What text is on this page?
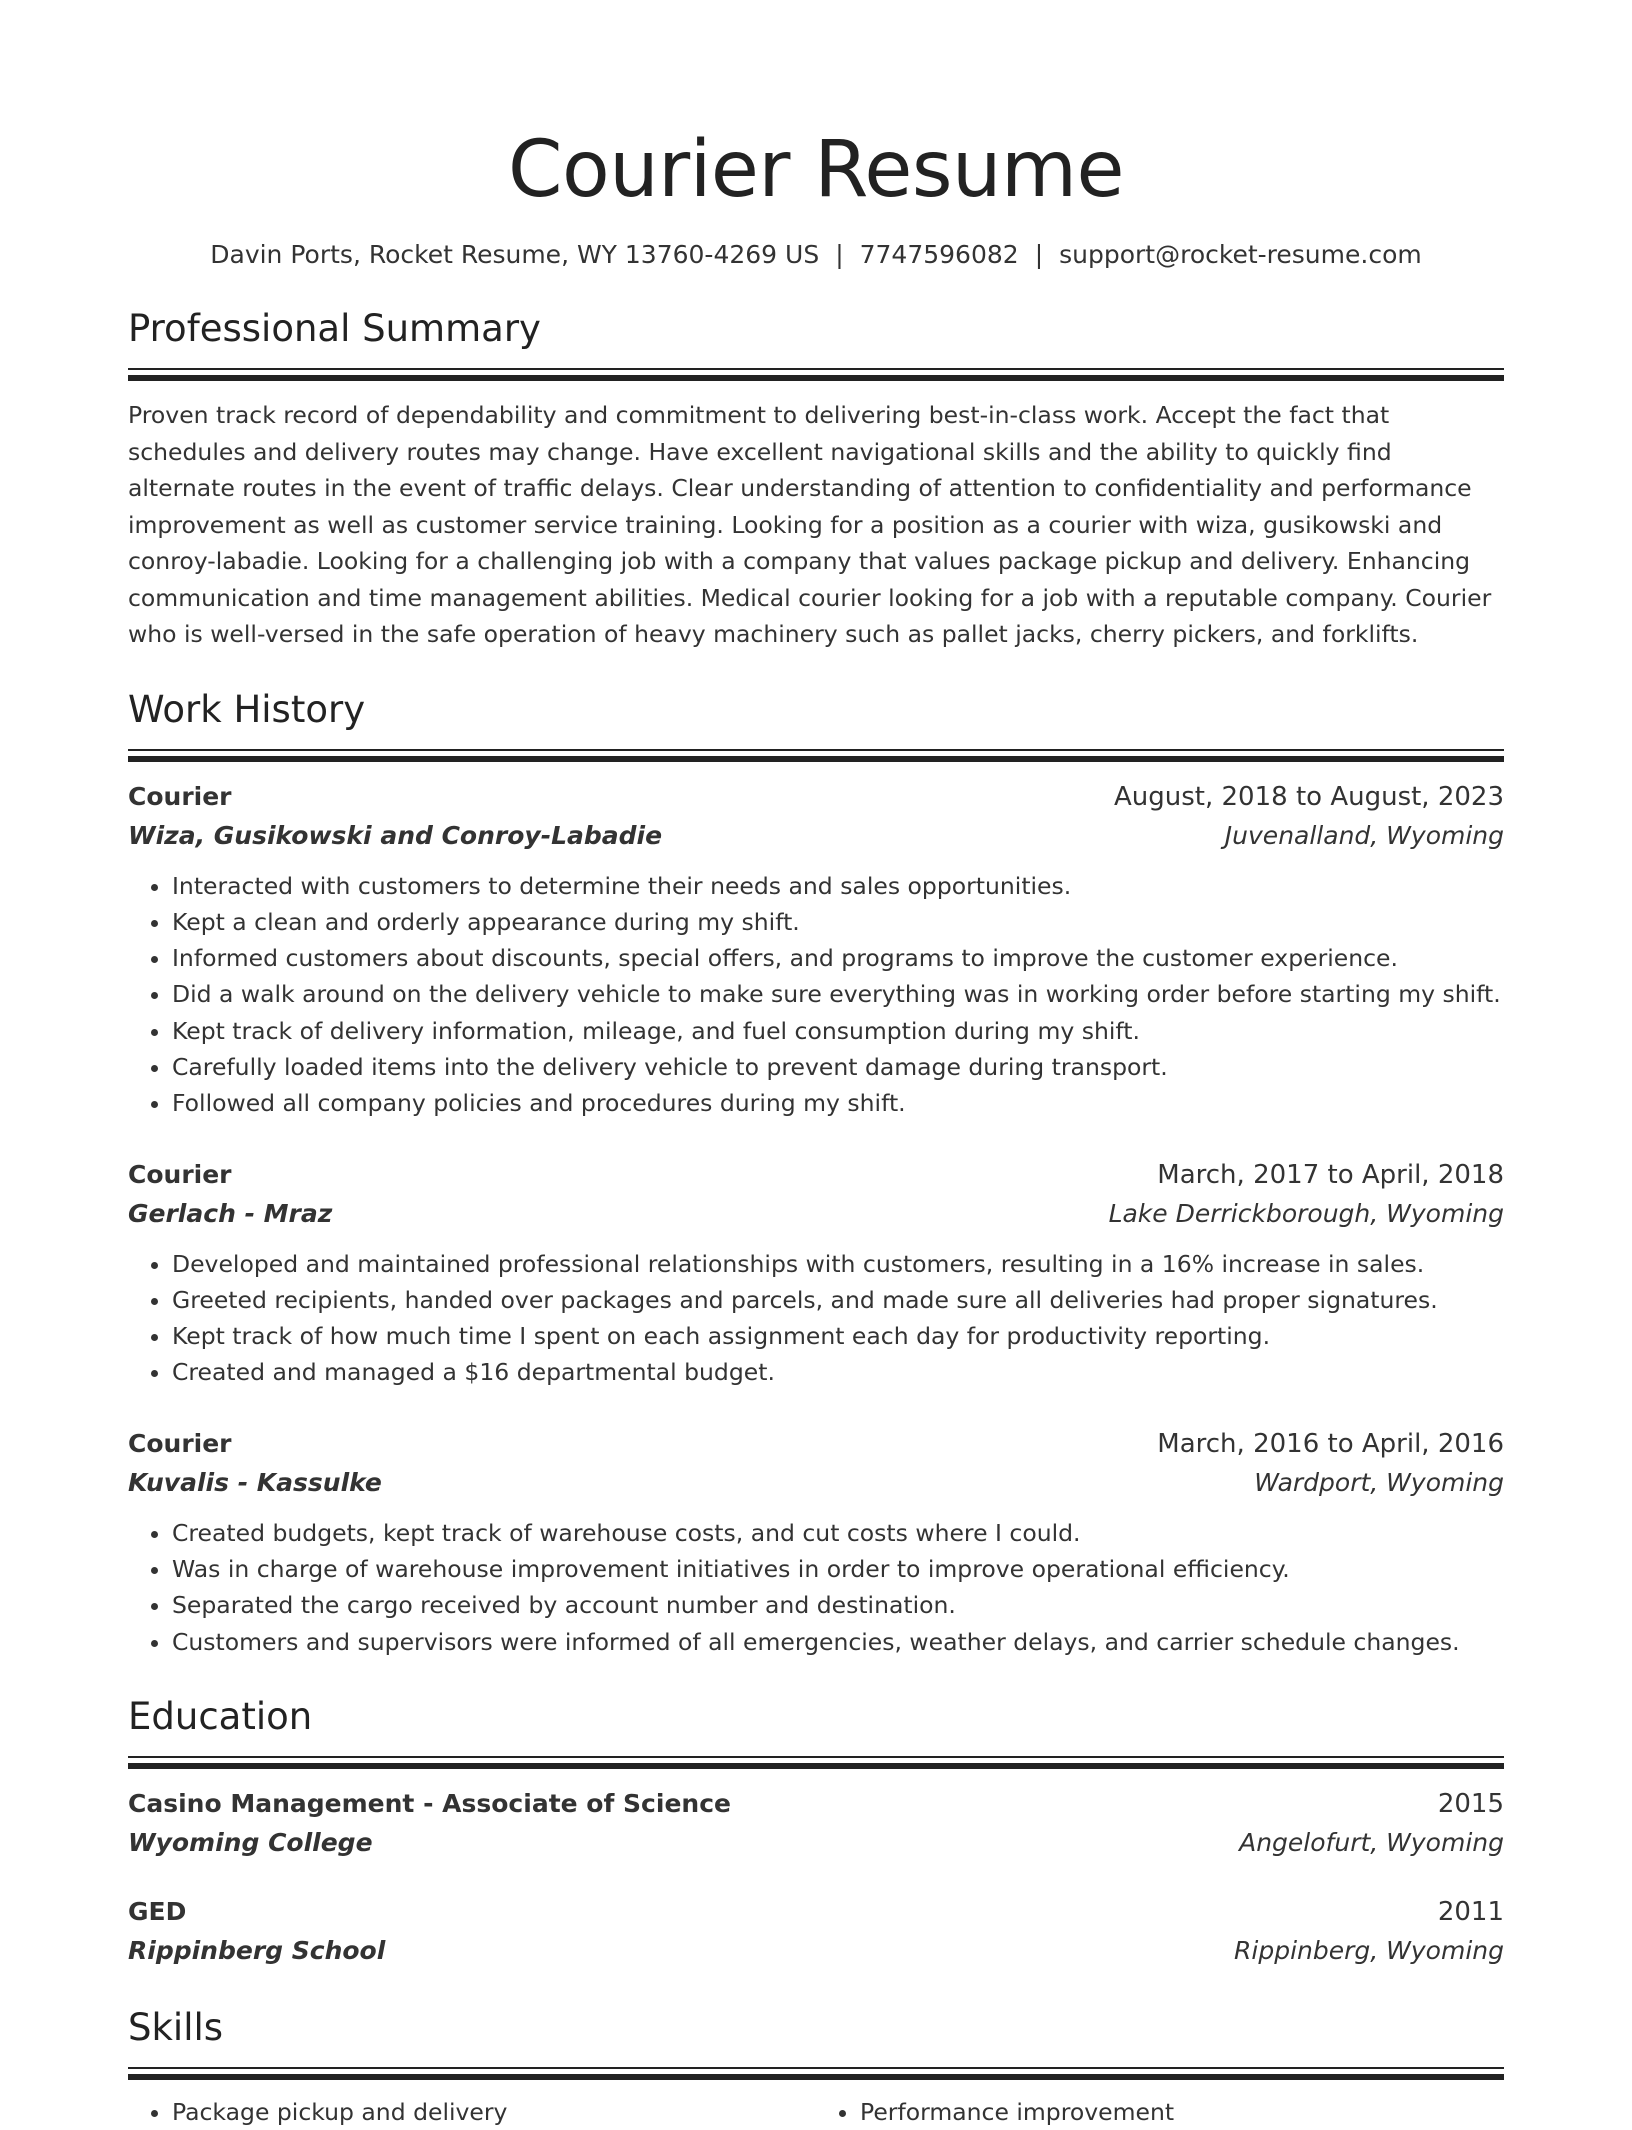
Courier Resume
Davin Ports, Rocket Resume, WY 13760-4269 US | 7747596082 | support@rocket-resume.com
Professional Summary

Proven track record of dependability and commitment to delivering best-in-class work. Accept the fact that schedules and delivery routes may change. Have excellent navigational skills and the ability to quickly find alternate routes in the event of traffic delays. Clear understanding of attention to confidentiality and performance improvement as well as customer service training. Looking for a position as a courier with wiza, gusikowski and conroy-labadie. Looking for a challenging job with a company that values package pickup and delivery. Enhancing communication and time management abilities. Medical courier looking for a job with a reputable company. Courier who is well-versed in the safe operation of heavy machinery such as pallet jacks, cherry pickers, and forklifts.

Work History
Courier	August, 2018 to August, 2023
Wiza, Gusikowski and Conroy-Labadie	Juvenalland, Wyoming
• Interacted with customers to determine their needs and sales opportunities.
• Kept a clean and orderly appearance during my shift.
• Informed customers about discounts, special offers, and programs to improve the customer experience.
• Did a walk around on the delivery vehicle to make sure everything was in working order before starting my shift.
• Kept track of delivery information, mileage, and fuel consumption during my shift.
• Carefully loaded items into the delivery vehicle to prevent damage during transport.
• Followed all company policies and procedures during my shift.
Courier	March, 2017 to April, 2018
Gerlach - Mraz	Lake Derrickborough, Wyoming
• Developed and maintained professional relationships with customers, resulting in a 16% increase in sales.
• Greeted recipients, handed over packages and parcels, and made sure all deliveries had proper signatures.
• Kept track of how much time I spent on each assignment each day for productivity reporting.
• Created and managed a $16 departmental budget.
Courier	March, 2016 to April, 2016
Kuvalis - Kassulke	Wardport, Wyoming
• Created budgets, kept track of warehouse costs, and cut costs where I could.
• Was in charge of warehouse improvement initiatives in order to improve operational efficiency.
• Separated the cargo received by account number and destination.
• Customers and supervisors were informed of all emergencies, weather delays, and carrier schedule changes.
Education
Casino Management - Associate of Science	2015
Wyoming College	Angelofurt, Wyoming
GED	2011
Rippinberg School	Rippinberg, Wyoming
Skills
• Package pickup and delivery
•	Performance improvement
